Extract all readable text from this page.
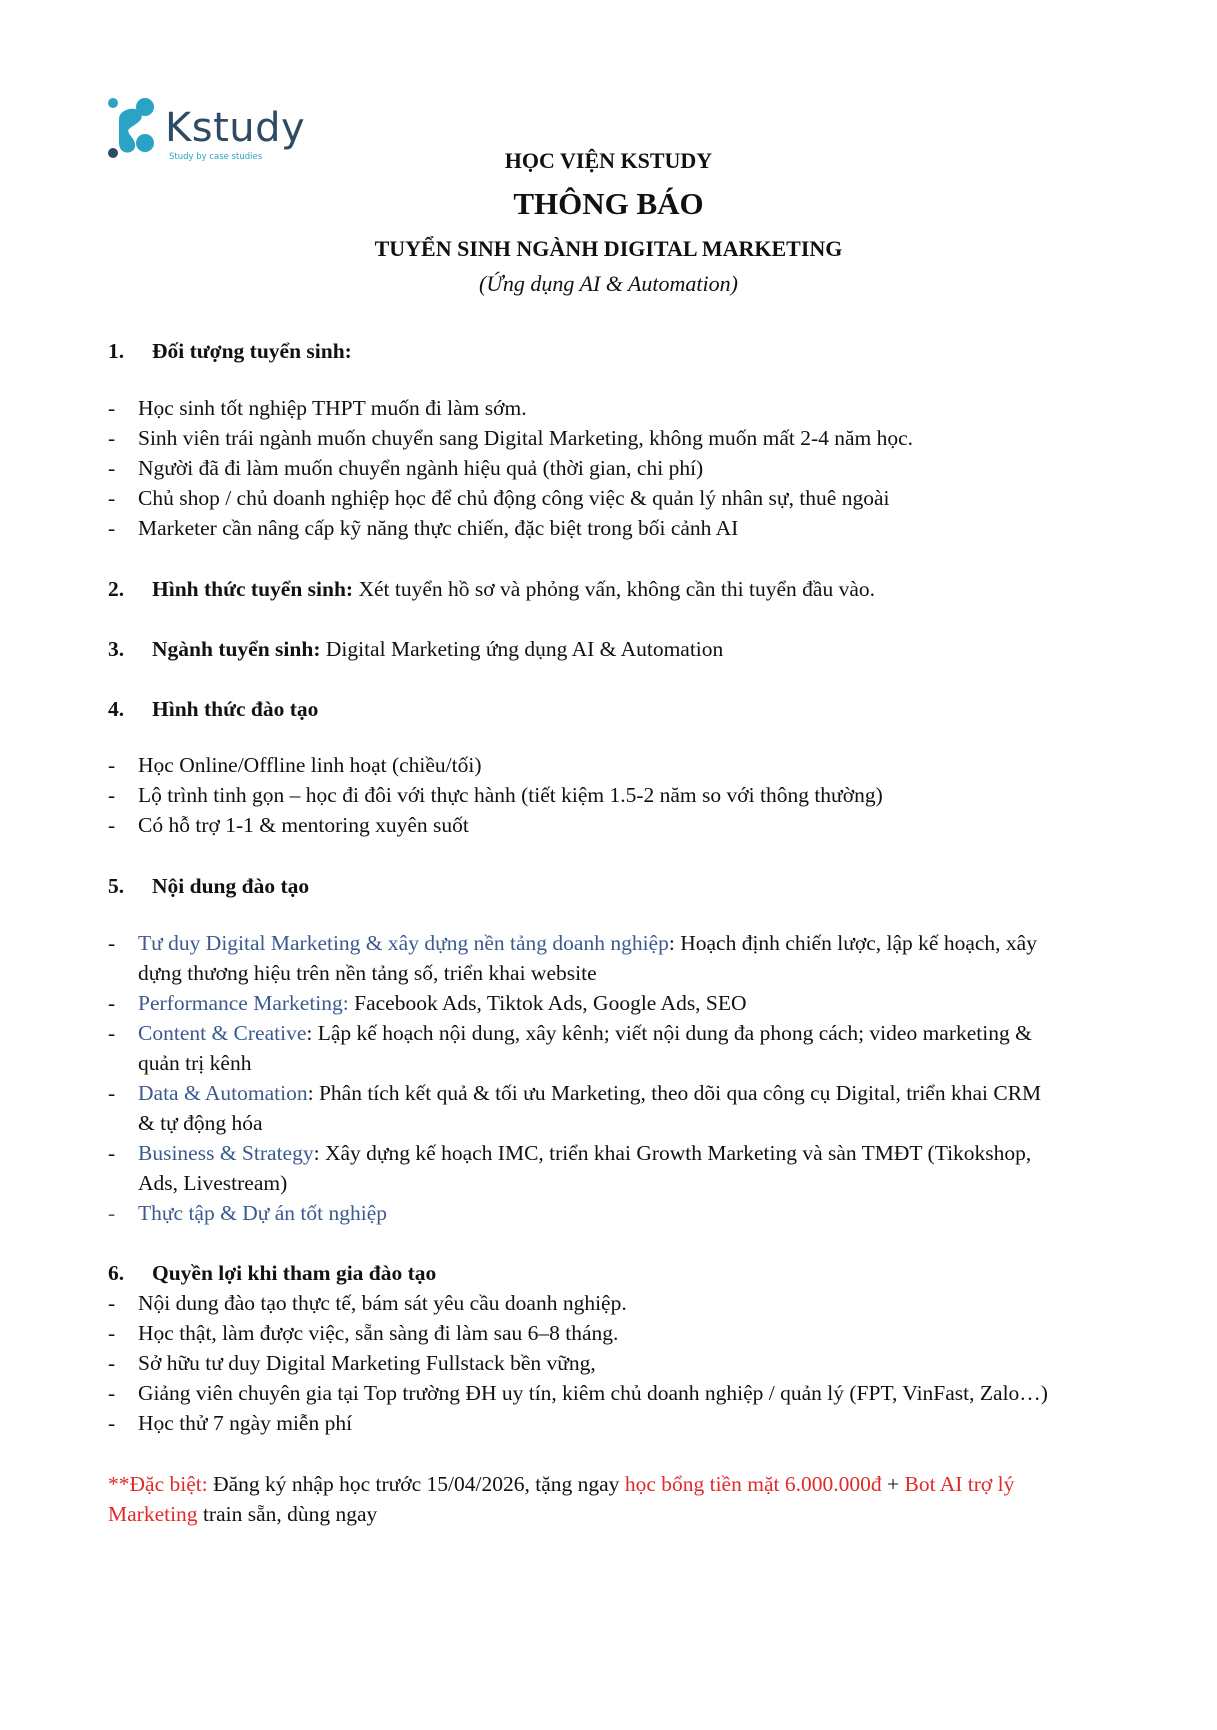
Kstudy
Study by case studies	HỌC VIỆN KSTUDY
THÔNG BÁO
TUYỂN SINH NGÀNH DIGITAL MARKETING
(Ứng dụng AI & Automation)
1. Đối tượng tuyển sinh:
- Học sinh tốt nghiệp THPT muốn đi làm sớm.
- Sinh viên trái ngành muốn chuyển sang Digital Marketing, không muốn mất 2-4 năm học.
- Người đã đi làm muốn chuyển ngành hiệu quả (thời gian, chi phí)
- Chủ shop / chủ doanh nghiệp học để chủ động công việc & quản lý nhân sự, thuê ngoài
- Marketer cần nâng cấp kỹ năng thực chiến, đặc biệt trong bối cảnh AI
2. Hình thức tuyển sinh: Xét tuyển hồ sơ và phỏng vấn, không cần thi tuyển đầu vào.
3. Ngành tuyển sinh: Digital Marketing ứng dụng AI & Automation
4. Hình thức đào tạo
- Học Online/Offline linh hoạt (chiều/tối)
- Lộ trình tinh gọn – học đi đôi với thực hành (tiết kiệm 1.5-2 năm so với thông thường)
- Có hỗ trợ 1-1 & mentoring xuyên suốt
5. Nội dung đào tạo
- Tư duy Digital Marketing & xây dựng nền tảng doanh nghiệp: Hoạch định chiến lược, lập kế hoạch, xây
dựng thương hiệu trên nền tảng số, triển khai website
- Performance Marketing: Facebook Ads, Tiktok Ads, Google Ads, SEO
- Content & Creative: Lập kế hoạch nội dung, xây kênh; viết nội dung đa phong cách; video marketing &
quản trị kênh
- Data & Automation: Phân tích kết quả & tối ưu Marketing, theo dõi qua công cụ Digital, triển khai CRM
& tự động hóa
- Business & Strategy: Xây dựng kế hoạch IMC, triển khai Growth Marketing và sàn TMĐT (Tikokshop,
Ads, Livestream)
- Thực tập & Dự án tốt nghiệp
6. Quyền lợi khi tham gia đào tạo
- Nội dung đào tạo thực tế, bám sát yêu cầu doanh nghiệp.
- Học thật, làm được việc, sẵn sàng đi làm sau 6–8 tháng.
- Sở hữu tư duy Digital Marketing Fullstack bền vững,
- Giảng viên chuyên gia tại Top trường ĐH uy tín, kiêm chủ doanh nghiệp / quản lý (FPT, VinFast, Zalo…)
- Học thử 7 ngày miễn phí
**Đặc biệt: Đăng ký nhập học trước 15/04/2026, tặng ngay học bổng tiền mặt 6.000.000đ + Bot AI trợ lý
Marketing train sẵn, dùng ngay
